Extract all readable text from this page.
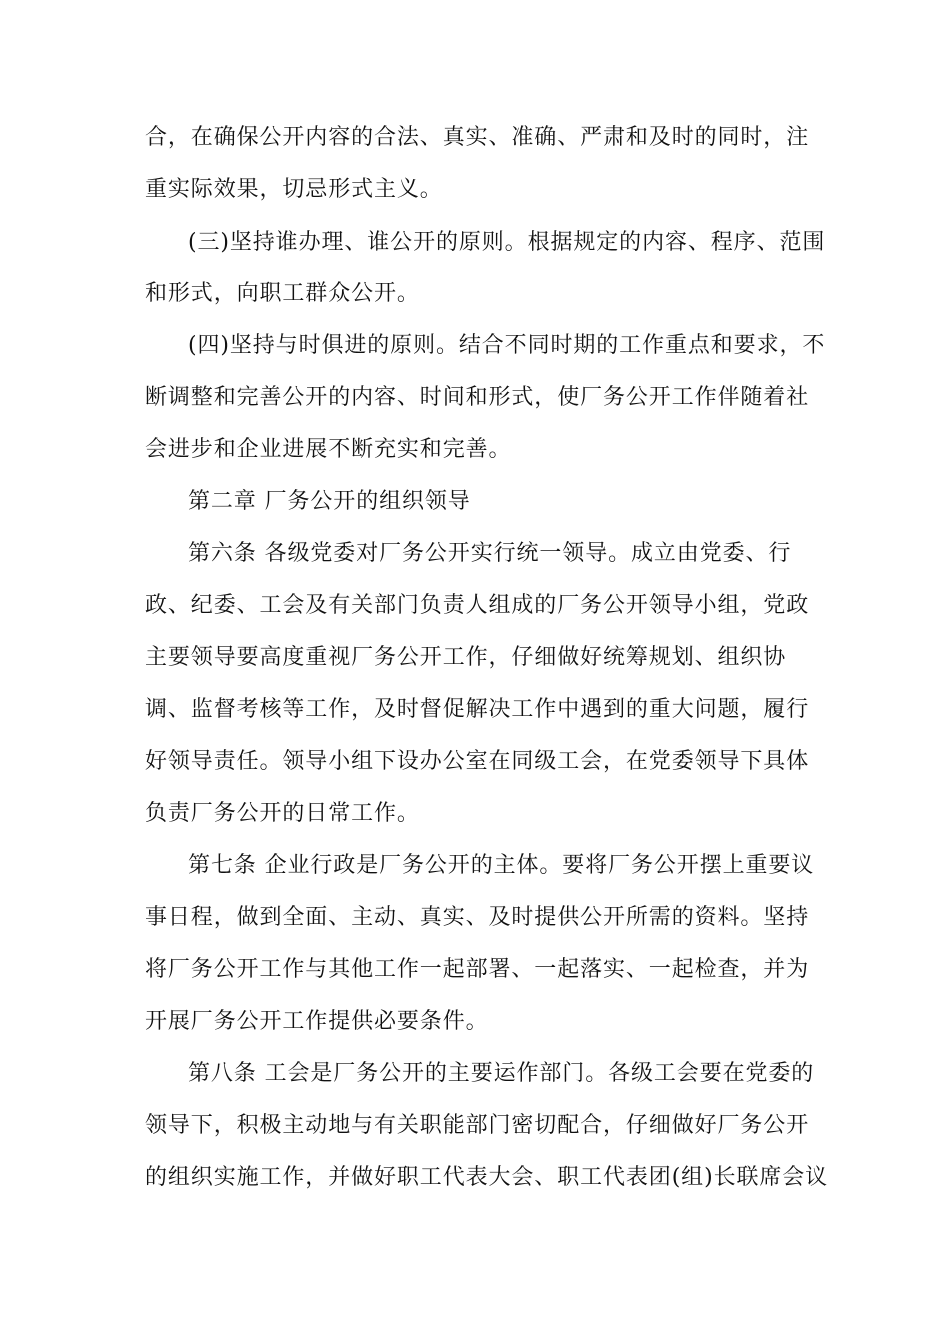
合，在确保公开内容的合法、真实、准确、严肃和及时的同时，注
重实际效果，切忌形式主义。
(三)坚持谁办理、谁公开的原则。根据规定的内容、程序、范围
和形式，向职工群众公开。
(四)坚持与时俱进的原则。结合不同时期的工作重点和要求，不
断调整和完善公开的内容、时间和形式，使厂务公开工作伴随着社
会进步和企业进展不断充实和完善。
第二章 厂务公开的组织领导
第六条 各级党委对厂务公开实行统一领导。成立由党委、行
政、纪委、工会及有关部门负责人组成的厂务公开领导小组，党政
主要领导要高度重视厂务公开工作，仔细做好统筹规划、组织协
调、监督考核等工作，及时督促解决工作中遇到的重大问题，履行
好领导责任。领导小组下设办公室在同级工会，在党委领导下具体
负责厂务公开的日常工作。
第七条 企业行政是厂务公开的主体。要将厂务公开摆上重要议
事日程，做到全面、主动、真实、及时提供公开所需的资料。坚持
将厂务公开工作与其他工作一起部署、一起落实、一起检查，并为
开展厂务公开工作提供必要条件。
第八条 工会是厂务公开的主要运作部门。各级工会要在党委的
领导下，积极主动地与有关职能部门密切配合，仔细做好厂务公开
的组织实施工作，并做好职工代表大会、职工代表团(组)长联席会议
